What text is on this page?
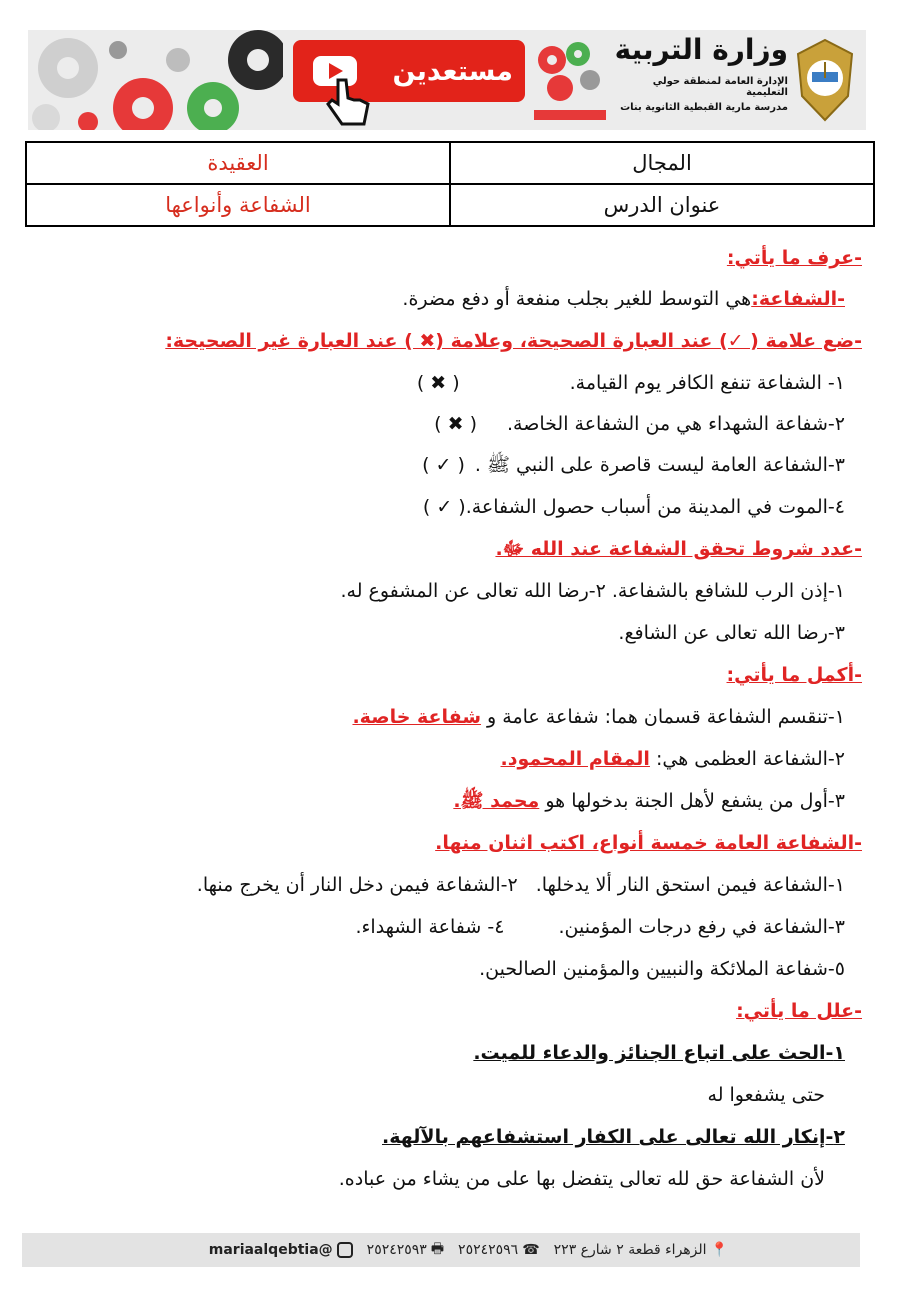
مستعدين
وزارة التربية
الإدارة العامة لمنطقة حولي التعليمية
مدرسة مارية القبطية الثانوية بنات
المجال	العقيدة
عنوان الدرس	الشفاعة وأنواعها
-عرف ما يأتي:
-الشفاعة:هي التوسط للغير بجلب منفعة أو دفع مضرة.
-ضع علامة ( ✓) عند العبارة الصحيحة، وعلامة (✖ ) عند العبارة غير الصحيحة:
١- الشفاعة تنفع الكافر يوم القيامة.( ✖ )
٢-شفاعة الشهداء هي من الشفاعة الخاصة.( ✖ )
٣-الشفاعة العامة ليست قاصرة على النبي ﷺ .( ✓ )
٤-الموت في المدينة من أسباب حصول الشفاعة.( ✓ )
-عدد شروط تحقق الشفاعة عند الله ﷻ.
١-إذن الرب للشافع بالشفاعة. ٢-رضا الله تعالى عن المشفوع له.
٣-رضا الله تعالى عن الشافع.
-أكمل ما يأتي:
١-تنقسم الشفاعة قسمان هما: شفاعة عامة و شفاعة خاصة.
٢-الشفاعة العظمى هي: المقام المحمود.
٣-أول من يشفع لأهل الجنة بدخولها هو محمد ﷺ.
-الشفاعة العامة خمسة أنواع، اكتب اثنان منها.
١-الشفاعة فيمن استحق النار ألا يدخلها.٢-الشفاعة فيمن دخل النار أن يخرج منها.
٣-الشفاعة في رفع درجات المؤمنين.٤- شفاعة الشهداء.
٥-شفاعة الملائكة والنبيين والمؤمنين الصالحين.
-علل ما يأتي:
١-الحث على اتباع الجنائز والدعاء للميت.
حتى يشفعوا له
٢-إنكار الله تعالى على الكفار استشفاعهم بالآلهة.
لأن الشفاعة حق لله تعالى يتفضل بها على من يشاء من عباده.
📍
الزهراء قطعة ٢ شارع ٢٢٣
☎
٢٥٢٤٢٥٩٦
🖶
٢٥٢٤٢٥٩٣
@mariaalqebtia
